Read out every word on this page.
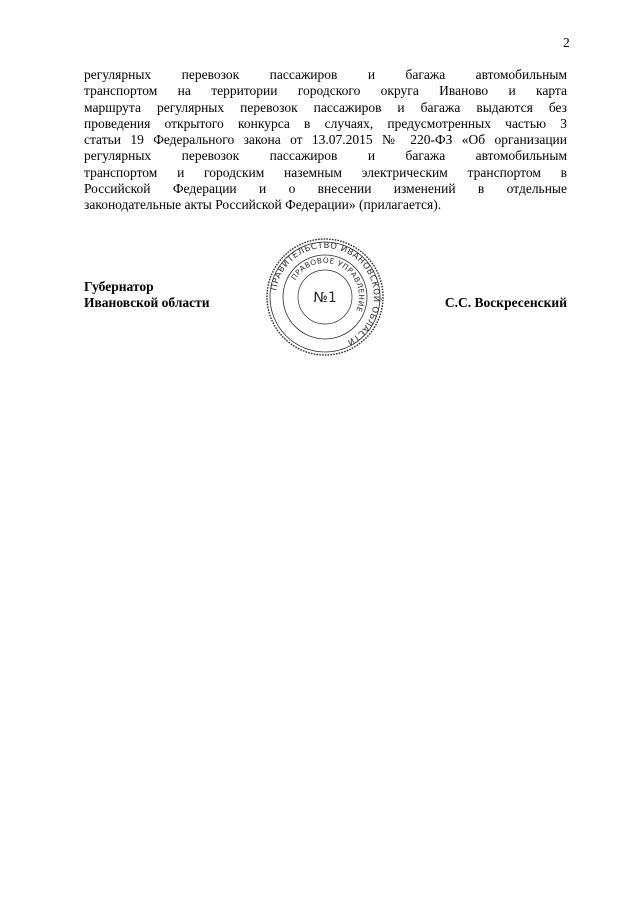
2
регулярных перевозок пассажиров и багажа автомобильным
транспортом на территории городского округа Иваново и карта
маршрута регулярных перевозок пассажиров и багажа выдаются без
проведения открытого конкурса в случаях, предусмотренных частью 3
статьи 19 Федерального закона от 13.07.2015 № 220-ФЗ «Об организации
регулярных перевозок пассажиров и багажа автомобильным
транспортом и городским наземным электрическим транспортом в
Российской Федерации и о внесении изменений в отдельные
законодательные акты Российской Федерации» (прилагается).
Губернатор
Ивановской области
ПРАВИТЕЛЬСТВО ИВАНОВСКОЙ ОБЛАСТИ
ПРАВОВОЕ УПРАВЛЕНИЕ
№1	С.С. Воскресенский
